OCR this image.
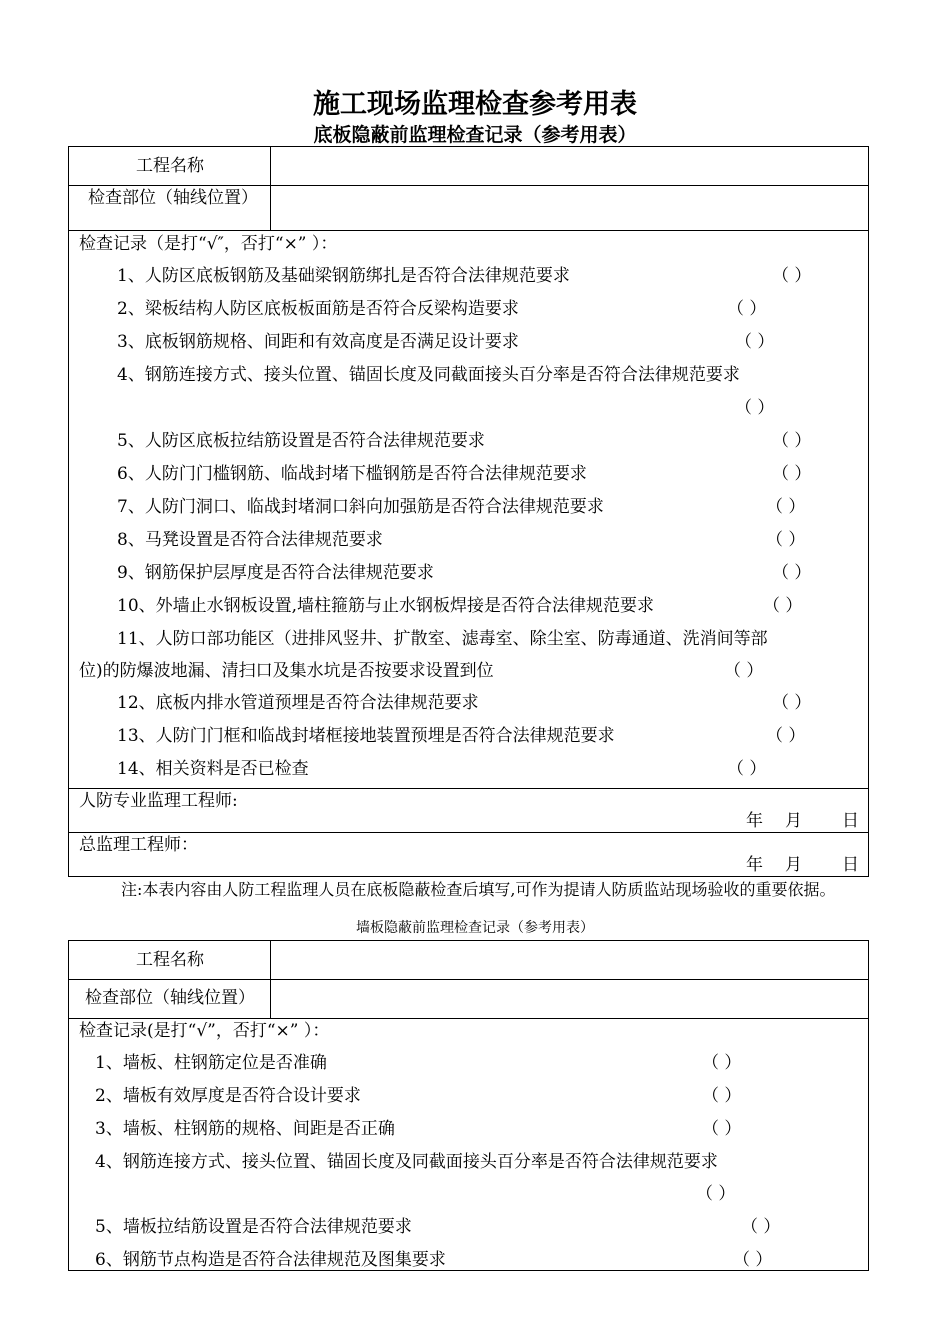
施工现场监理检查参考用表
底板隐蔽前监理检查记录（参考用表）
工程名称
检查部位（轴线位置）
检查记录（是打“√″，否打“×” ）：
1、人防区底板钢筋及基础梁钢筋绑扎是否符合法律规范要求	（ ）
2、梁板结构人防区底板板面筋是否符合反梁构造要求	（ ）
3、底板钢筋规格、间距和有效高度是否满足设计要求	（ ）
4、钢筋连接方式、接头位置、锚固长度及同截面接头百分率是否符合法律规范要求
（ ）
5、人防区底板拉结筋设置是否符合法律规范要求	（ ）
6、人防门门槛钢筋、临战封堵下槛钢筋是否符合法律规范要求	（ ）
7、人防门洞口、临战封堵洞口斜向加强筋是否符合法律规范要求	（ ）
8、马凳设置是否符合法律规范要求	（ ）
9、钢筋保护层厚度是否符合法律规范要求	（ ）
10、外墙止水钢板设置,墙柱箍筋与止水钢板焊接是否符合法律规范要求	（ ）
11、人防口部功能区（进排风竖井、扩散室、滤毒室、除尘室、防毒通道、洗消间等部
位)的防爆波地漏、清扫口及集水坑是否按要求设置到位	（ ）
12、底板内排水管道预埋是否符合法律规范要求	（ ）
13、人防门门框和临战封堵框接地装置预埋是否符合法律规范要求	（ ）
14、相关资料是否已检查	（ ）
人防专业监理工程师:
年 月 日
总监理工程师：
年 月 日
注:本表内容由人防工程监理人员在底板隐蔽检查后填写,可作为提请人防质监站现场验收的重要依据。
墙板隐蔽前监理检查记录（参考用表）
工程名称
检查部位（轴线位置）
检查记录(是打“√”，否打“×” ）：
1、墙板、柱钢筋定位是否准确	（ ）
2、墙板有效厚度是否符合设计要求	（ ）
3、墙板、柱钢筋的规格、间距是否正确	（ ）
4、钢筋连接方式、接头位置、锚固长度及同截面接头百分率是否符合法律规范要求
（ ）
5、墙板拉结筋设置是否符合法律规范要求	（ ）
6、钢筋节点构造是否符合法律规范及图集要求	（ ）
